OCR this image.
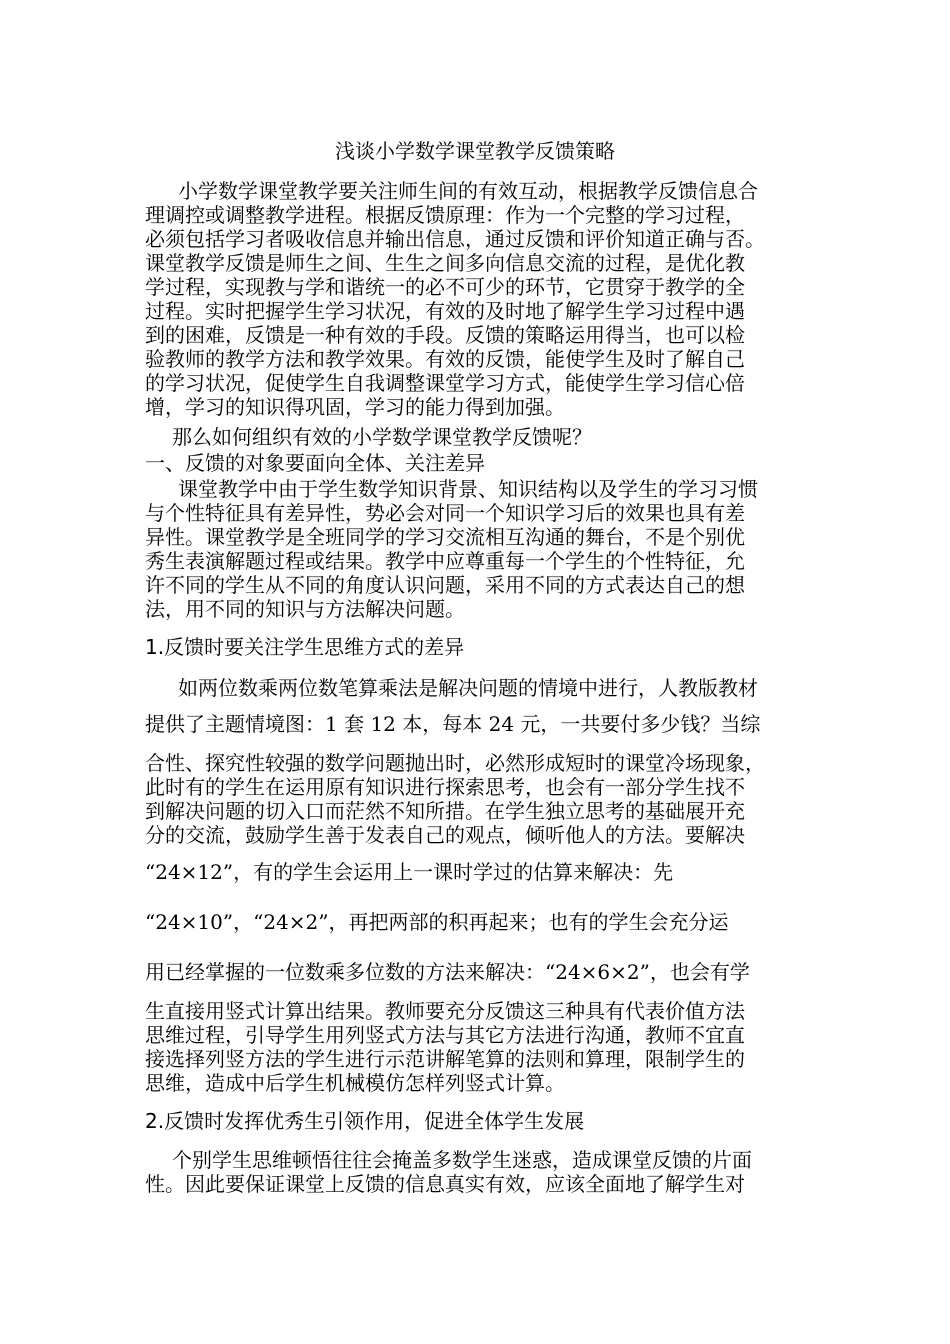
浅谈小学数学课堂教学反馈策略
小学数学课堂教学要关注师生间的有效互动，根据教学反馈信息合
理调控或调整教学进程。根据反馈原理：作为一个完整的学习过程，
必须包括学习者吸收信息并输出信息，通过反馈和评价知道正确与否。
课堂教学反馈是师生之间、生生之间多向信息交流的过程，是优化教
学过程，实现教与学和谐统一的必不可少的环节，它贯穿于教学的全
过程。实时把握学生学习状况，有效的及时地了解学生学习过程中遇
到的困难，反馈是一种有效的手段。反馈的策略运用得当，也可以检
验教师的教学方法和教学效果。有效的反馈，能使学生及时了解自己
的学习状况，促使学生自我调整课堂学习方式，能使学生学习信心倍
增，学习的知识得巩固，学习的能力得到加强。
那么如何组织有效的小学数学课堂教学反馈呢？
一、反馈的对象要面向全体、关注差异
课堂教学中由于学生数学知识背景、知识结构以及学生的学习习惯
与个性特征具有差异性，势必会对同一个知识学习后的效果也具有差
异性。课堂教学是全班同学的学习交流相互沟通的舞台，不是个别优
秀生表演解题过程或结果。教学中应尊重每一个学生的个性特征，允
许不同的学生从不同的角度认识问题，采用不同的方式表达自己的想
法，用不同的知识与方法解决问题。
1.反馈时要关注学生思维方式的差异
如两位数乘两位数笔算乘法是解决问题的情境中进行，人教版教材
提供了主题情境图：1 套 12 本，每本 24 元，一共要付多少钱？当综
合性、探究性较强的数学问题抛出时，必然形成短时的课堂冷场现象，
此时有的学生在运用原有知识进行探索思考，也会有一部分学生找不
到解决问题的切入口而茫然不知所措。在学生独立思考的基础展开充
分的交流，鼓励学生善于发表自己的观点，倾听他人的方法。要解决
“24×12”，有的学生会运用上一课时学过的估算来解决：先
“24×10”，“24×2”，再把两部的积再起来；也有的学生会充分运
用已经掌握的一位数乘多位数的方法来解决：“24×6×2”，也会有学
生直接用竖式计算出结果。教师要充分反馈这三种具有代表价值方法
思维过程，引导学生用列竖式方法与其它方法进行沟通，教师不宜直
接选择列竖方法的学生进行示范讲解笔算的法则和算理，限制学生的
思维，造成中后学生机械模仿怎样列竖式计算。
2.反馈时发挥优秀生引领作用，促进全体学生发展
个别学生思维顿悟往往会掩盖多数学生迷惑，造成课堂反馈的片面
性。因此要保证课堂上反馈的信息真实有效，应该全面地了解学生对
